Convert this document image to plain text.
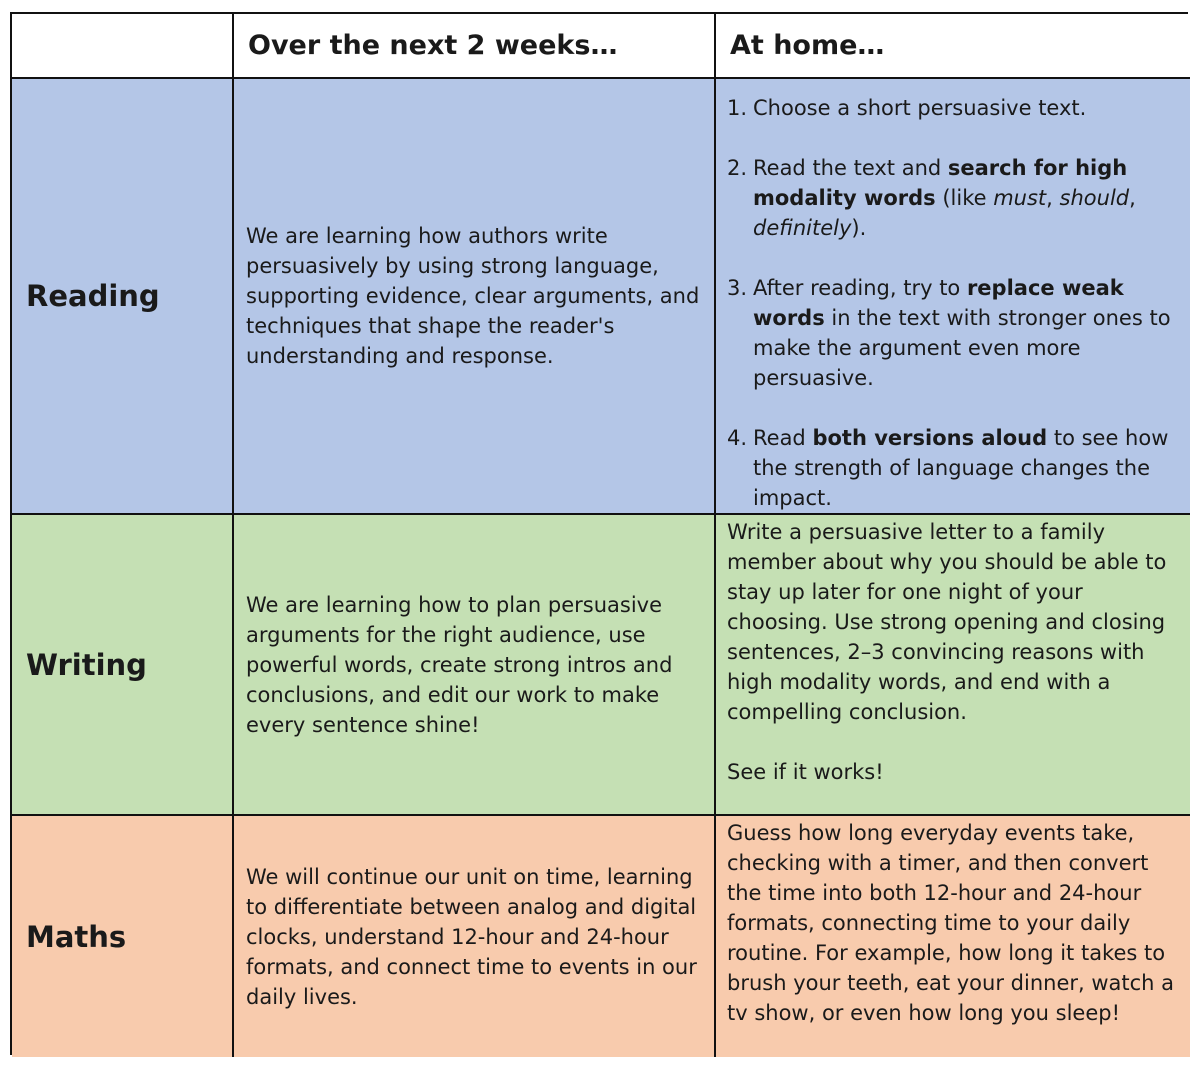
Over the next 2 weeks…	At home…
Reading
We are learning how authors write persuasively by using strong language, supporting evidence, clear arguments, and techniques that shape the reader's understanding and response.
1. Choose a short persuasive text.
2. Read the text and search for high modality words (like must, should, definitely).
3. After reading, try to replace weak words in the text with stronger ones to make the argument even more persuasive.
4. Read both versions aloud to see how the strength of language changes the impact.
Writing
We are learning how to plan persuasive arguments for the right audience, use powerful words, create strong intros and conclusions, and edit our work to make every sentence shine!
Write a persuasive letter to a family member about why you should be able to stay up later for one night of your choosing. Use strong opening and closing sentences, 2–3 convincing reasons with high modality words, and end with a compelling conclusion.
See if it works!
Maths
We will continue our unit on time, learning to differentiate between analog and digital clocks, understand 12-hour and 24-hour formats, and connect time to events in our daily lives.
Guess how long everyday events take, checking with a timer, and then convert the time into both 12-hour and 24-hour formats, connecting time to your daily routine. For example, how long it takes to brush your teeth, eat your dinner, watch a tv show, or even how long you sleep!
